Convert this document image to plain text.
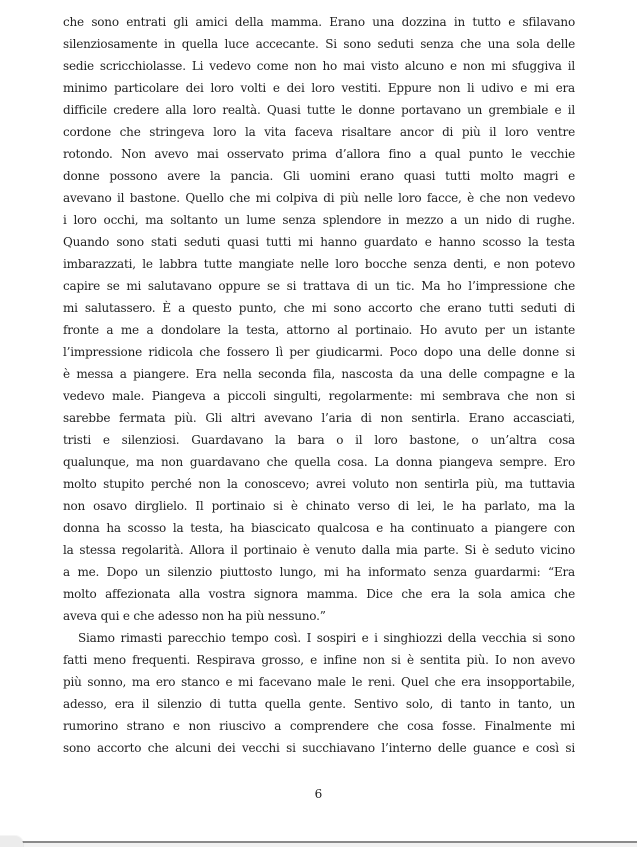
che sono entrati gli amici della mamma. Erano una dozzina in tutto e sfilavano
silenziosamente in quella luce accecante. Si sono seduti senza che una sola delle
sedie scricchiolasse. Li vedevo come non ho mai visto alcuno e non mi sfuggiva il
minimo particolare dei loro volti e dei loro vestiti. Eppure non li udivo e mi era
difficile credere alla loro realtà. Quasi tutte le donne portavano un grembiale e il
cordone che stringeva loro la vita faceva risaltare ancor di più il loro ventre
rotondo. Non avevo mai osservato prima d’allora fino a qual punto le vecchie
donne possono avere la pancia. Gli uomini erano quasi tutti molto magri e
avevano il bastone. Quello che mi colpiva di più nelle loro facce, è che non vedevo
i loro occhi, ma soltanto un lume senza splendore in mezzo a un nido di rughe.
Quando sono stati seduti quasi tutti mi hanno guardato e hanno scosso la testa
imbarazzati, le labbra tutte mangiate nelle loro bocche senza denti, e non potevo
capire se mi salutavano oppure se si trattava di un tic. Ma ho l’impressione che
mi salutassero. È a questo punto, che mi sono accorto che erano tutti seduti di
fronte a me a dondolare la testa, attorno al portinaio. Ho avuto per un istante
l’impressione ridicola che fossero lì per giudicarmi. Poco dopo una delle donne si
è messa a piangere. Era nella seconda fila, nascosta da una delle compagne e la
vedevo male. Piangeva a piccoli singulti, regolarmente: mi sembrava che non si
sarebbe fermata più. Gli altri avevano l’aria di non sentirla. Erano accasciati,
tristi e silenziosi. Guardavano la bara o il loro bastone, o un’altra cosa
qualunque, ma non guardavano che quella cosa. La donna piangeva sempre. Ero
molto stupito perché non la conoscevo; avrei voluto non sentirla più, ma tuttavia
non osavo dirglielo. Il portinaio si è chinato verso di lei, le ha parlato, ma la
donna ha scosso la testa, ha biascicato qualcosa e ha continuato a piangere con
la stessa regolarità. Allora il portinaio è venuto dalla mia parte. Si è seduto vicino
a me. Dopo un silenzio piuttosto lungo, mi ha informato senza guardarmi: “Era
molto affezionata alla vostra signora mamma. Dice che era la sola amica che
aveva qui e che adesso non ha più nessuno.”
Siamo rimasti parecchio tempo così. I sospiri e i singhiozzi della vecchia si sono
fatti meno frequenti. Respirava grosso, e infine non si è sentita più. Io non avevo
più sonno, ma ero stanco e mi facevano male le reni. Quel che era insopportabile,
adesso, era il silenzio di tutta quella gente. Sentivo solo, di tanto in tanto, un
rumorino strano e non riuscivo a comprendere che cosa fosse. Finalmente mi
sono accorto che alcuni dei vecchi si succhiavano l’interno delle guance e così si
6
